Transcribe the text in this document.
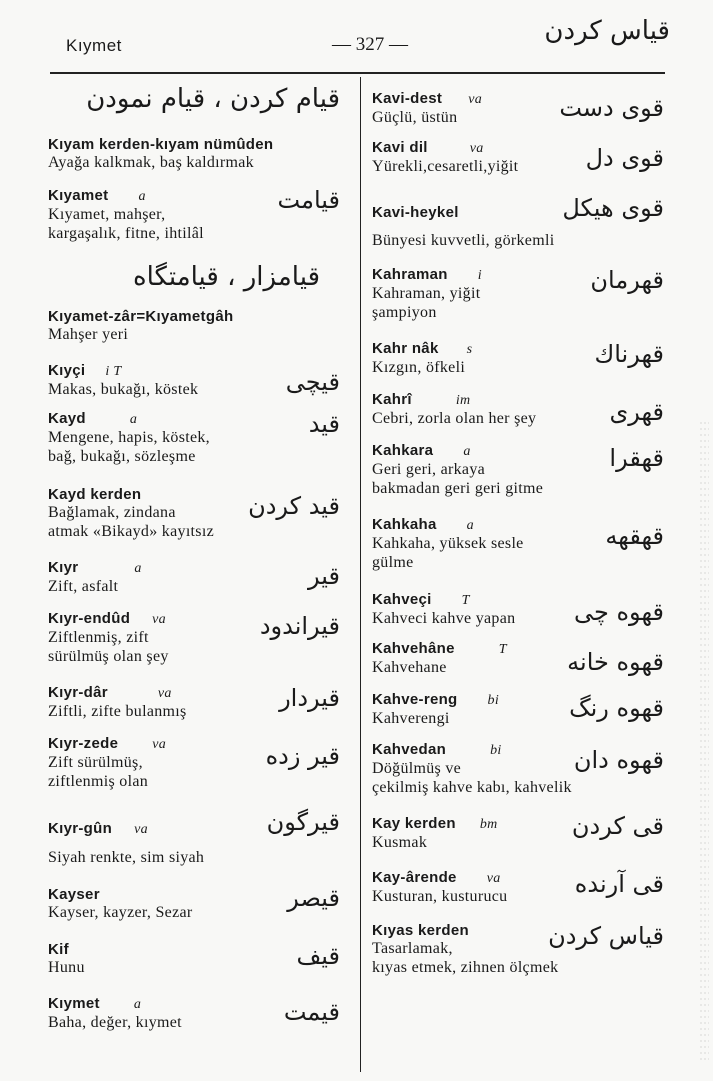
Kıymet	— 327 —	قیاس كردن
قیام كردن ، قیام نمودن
Kıyam kerden-kıyam nümûden
Ayağa kalkmak, baş kaldırmak
Kıyamet a
Kıyamet, mahşer,
kargaşalık, fitne, ihtilâl
قیامت
قیامزار ، قیامتگاه
Kıyamet-zâr=Kıyametgâh
Mahşer yeri
Kıyçi i T
Makas, bukağı, köstek	قیچی
Kayd	a
Mengene, hapis, köstek,
bağ, bukağı, sözleşme
قید
Kayd kerden
Bağlamak, zindana
atmak «Bikayd» kayıtsız
قید كردن
Kıyr	a
Zift, asfalt	قیر
Kıyr-endûd va
Ziftlenmiş, zift
sürülmüş olan şey
قیراندود
Kıyr-dâr	va
Ziftli, zifte bulanmış	قیردار
Kıyr-zede va
Zift sürülmüş,
ziftlenmiş olan
قیر زده
Kıyr-gûn va
Siyah renkte, sim siyah
قیرگون
Kayser
Kayser, kayzer, Sezar
قیصر
Kif
Hunu	قیف
Kıymet a
Baha, değer, kıymet	قیمت
Kavi-dest va
Güçlü, üstün	قوی دست
Kavi dil	va
Yürekli,cesaretli,yiğit	قوی دل
Kavi-heykel
Bünyesi kuvvetli, görkemli
قوی هیكل
Kahraman i
Kahraman, yiğit
şampiyon
قهرمان
Kahr nâk s
Kızgın, öfkeli	قهرناك
Kahrî	im
Cebri, zorla olan her şey	قهری
Kahkara a
Geri geri, arkaya
bakmadan geri geri gitme
قهقرا
Kahkaha a
Kahkaha, yüksek sesle
gülme
قهقهه
Kahveçi T
Kahveci kahve yapan	قهوه چی
Kahvehâne	T
Kahvehane	قهوه خانه
Kahve-reng bi
Kahverengi	قهوه رنگ
Kahvedan	bi
Döğülmüş ve
çekilmiş kahve kabı, kahvelik
قهوه دان
Kay kerden bm
Kusmak
قی كردن
Kay-ârende va
Kusturan, kusturucu	قی آرنده
Kıyas kerden
Tasarlamak,
kıyas etmek, zihnen ölçmek
قیاس كردن
